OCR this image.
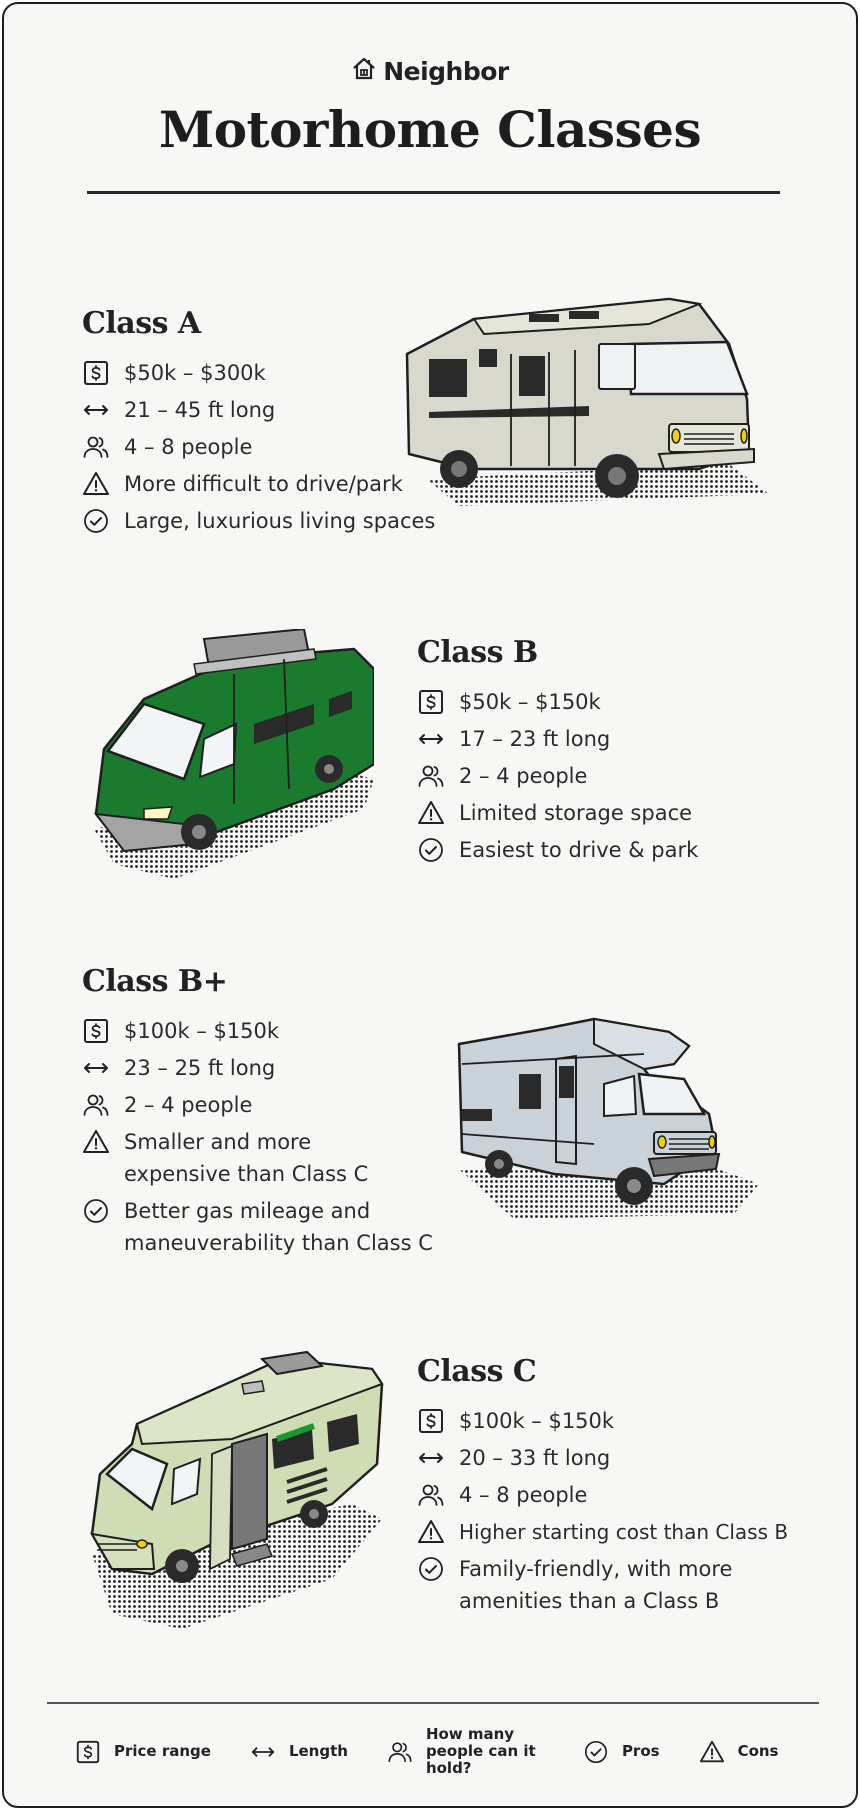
Neighbor
Motorhome Classes
Class A
$50k – $300k
21 – 45 ft long
4 – 8 people
More difficult to drive/park
Large, luxurious living spaces
Class B
$50k – $150k
17 – 23 ft long
2 – 4 people
Limited storage space
Easiest to drive & park
Class B+
$100k – $150k
23 – 25 ft long
2 – 4 people
Smaller and more expensive than Class C
Better gas mileage and maneuverability than Class C
Class C
$100k – $150k
20 – 33 ft long
4 – 8 people
Higher starting cost than Class B
Family-friendly, with more amenities than a Class B
Price range	Length
How many people can it hold?
Pros	Cons
